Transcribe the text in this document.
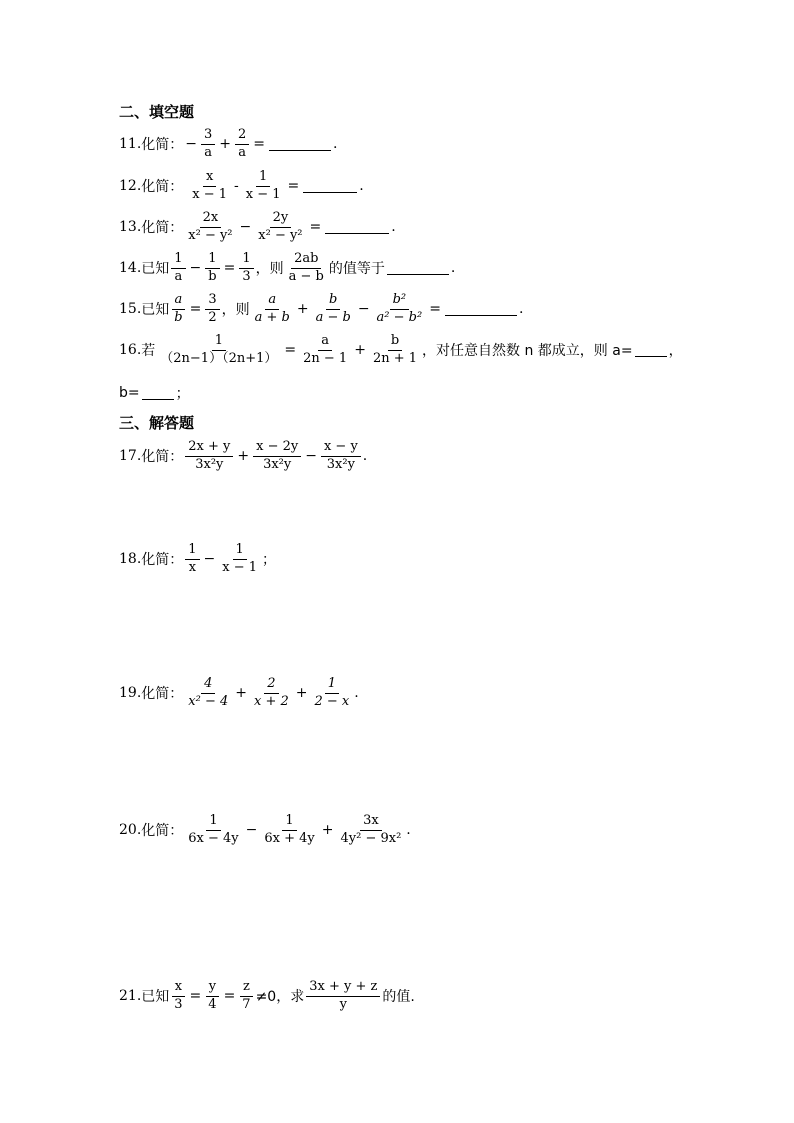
二、填空题
11. 化简： − $\frac{3}{a} + \frac{2}{a}$ =	.
12. 化简： $\frac{x}{x - 1} - \frac{1}{x - 1}$ =	.
13. 化简： $\frac{2x}{\text{x² − y²}} - \frac{2y}{\text{x² − y²}}$ =	.
14. 已知 $\frac{1}{a} - \frac{1}{b} = \frac{1}{3}$ ，则 $\frac{2ab}{a - b}$ 的值等于	.
15. 已知 $\frac{a}{b} = \frac{3}{2}$ ，则 $\frac{a}{a + b} + \frac{b}{a - b} - \frac{\text{b²}}{\text{a² − b²}}$ =	.
16. 若 $\frac{1}{(2n-1)(2n+1)} = \frac{a}{2n - 1} + \frac{b}{2n + 1}$ ，对任意自然数 n 都成立，则 a=	，
b=	；
三、解答题
17. 化简： $\frac{2x + y}{\text{3x²y}} + \frac{x - 2y}{\text{3x²y}} - \frac{x - y}{\text{3x²y}}$ .
18. 化简： $\frac{1}{x} - \frac{1}{x - 1}$ ；
19. 化简： $\frac{4}{\text{x² − 4}} + \frac{2}{x + 2} + \frac{1}{2 - x}$ .
20. 化简： $\frac{1}{6x - 4y} - \frac{1}{6x + 4y} + \frac{3x}{\text{4y² − 9x²}}$ .
21. 已知 $\frac{x}{3} = \frac{y}{4} = \frac{z}{7} \ne 0$，求 $\frac{3x + y + z}{y}$ 的值.
